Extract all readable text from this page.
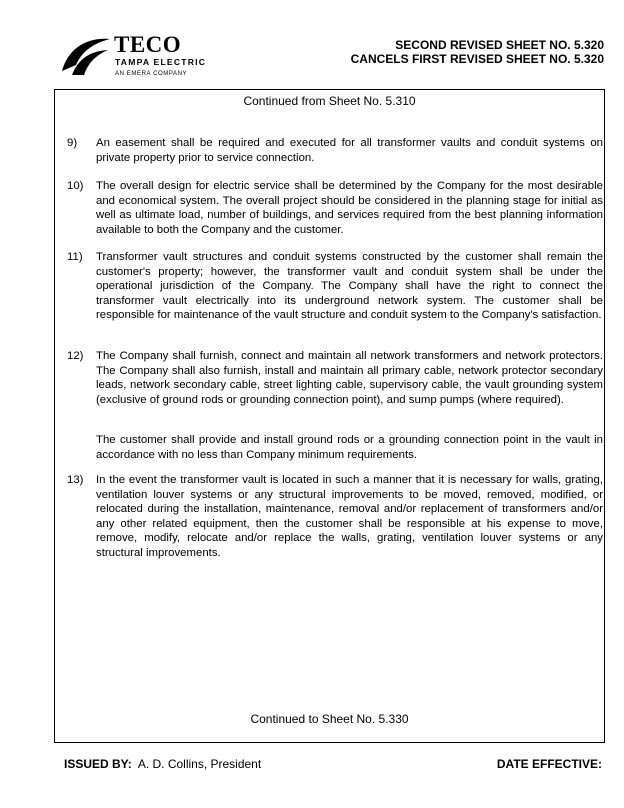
TECO
TAMPA ELECTRIC
AN EMERA COMPANY
SECOND REVISED SHEET NO. 5.320
CANCELS FIRST REVISED SHEET NO. 5.320
Continued from Sheet No. 5.310
9) An easement shall be required and executed for all transformer vaults and conduit systems on private property prior to service connection.

10) The overall design for electric service shall be determined by the Company for the most desirable and economical system. The overall project should be considered in the planning stage for initial as well as ultimate load, number of buildings, and services required from the best planning information available to both the Company and the customer.

11) Transformer vault structures and conduit systems constructed by the customer shall remain the customer's property; however, the transformer vault and conduit system shall be under the operational jurisdiction of the Company. The Company shall have the right to connect the transformer vault electrically into its underground network system. The customer shall be responsible for maintenance of the vault structure and conduit system to the Company's satisfaction.

12) The Company shall furnish, connect and maintain all network transformers and network protectors. The Company shall also furnish, install and maintain all primary cable, network protector secondary leads, network secondary cable, street lighting cable, supervisory cable, the vault grounding system (exclusive of ground rods or grounding connection point), and sump pumps (where required).

The customer shall provide and install ground rods or a grounding connection point in the vault in accordance with no less than Company minimum requirements.

13) In the event the transformer vault is located in such a manner that it is necessary for walls, grating, ventilation louver systems or any structural improvements to be moved, removed, modified, or relocated during the installation, maintenance, removal and/or replacement of transformers and/or any other related equipment, then the customer shall be responsible at his expense to move, remove, modify, relocate and/or replace the walls, grating, ventilation louver systems or any structural improvements.

Continued to Sheet No. 5.330
ISSUED BY: A. D. Collins, President	DATE EFFECTIVE:
